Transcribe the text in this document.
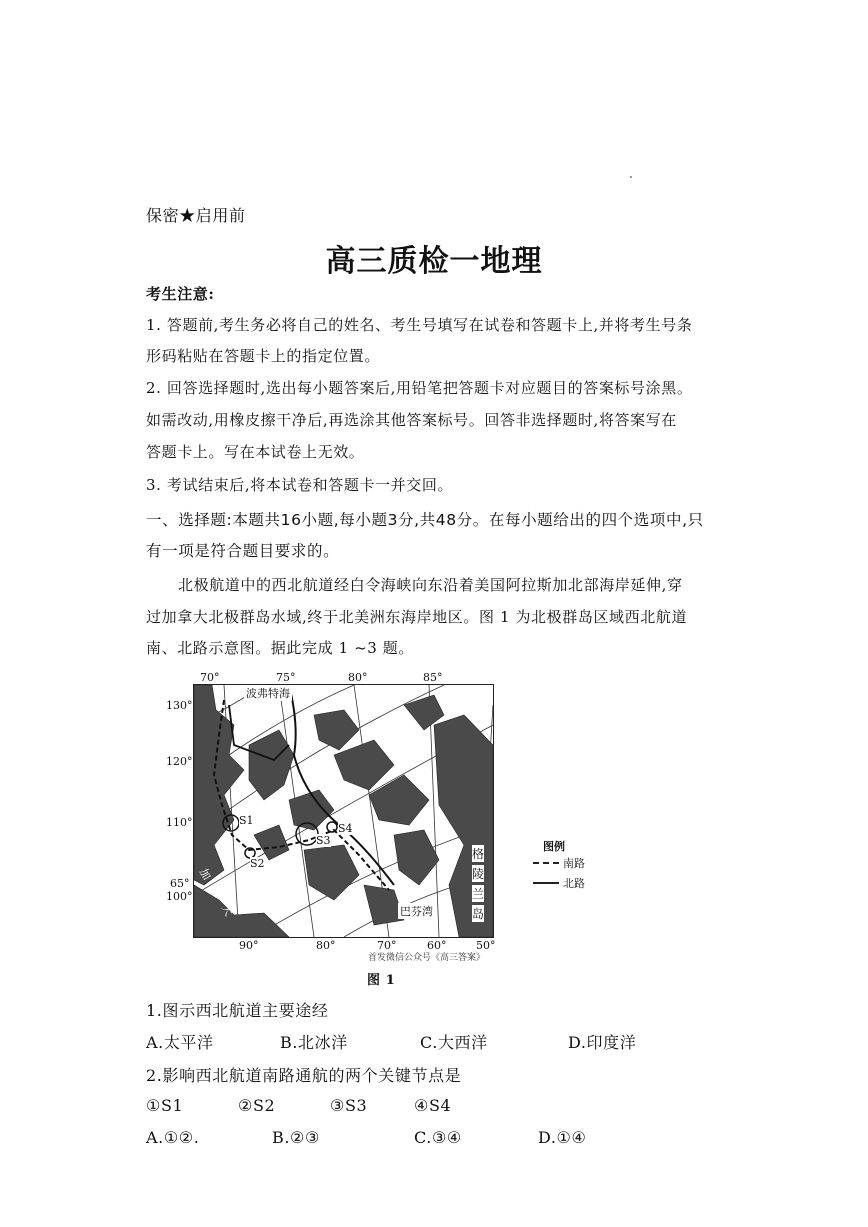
保密★启用前
高三质检一地理
考生注意:
1. 答题前,考生务必将自己的姓名、考生号填写在试卷和答题卡上,并将考生号条
形码粘贴在答题卡上的指定位置。
2. 回答选择题时,选出每小题答案后,用铅笔把答题卡对应题目的答案标号涂黑。
如需改动,用橡皮擦干净后,再选涂其他答案标号。回答非选择题时,将答案写在
答题卡上。写在本试卷上无效。
3. 考试结束后,将本试卷和答题卡一并交回。
一、选择题:本题共16小题,每小题3分,共48分。在每小题给出的四个选项中,只
有一项是符合题目要求的。
北极航道中的西北航道经白令海峡向东沿着美国阿拉斯加北部海岸延伸,穿
过加拿大北极群岛水域,终于北美洲东海岸地区。图 1 为北极群岛区域西北航道
南、北路示意图。据此完成 1 ~3 题。
70°	75°	80°	85°
130°
120°
110°
65°
100°
波弗特海
S1
S2
S3
S4
加
拿
大	巴芬湾
格
陵
兰
岛
90°	80°	70°	60°	50°
首发微信公众号《高三答案》
图例
南路
北路
图 1
1.图示西北航道主要途经
A.太平洋	B.北冰洋	C.大西洋	D.印度洋
2.影响西北航道南路通航的两个关键节点是
①S1	②S2	③S3	④S4
A.①②.	B.②③	C.③④	D.①④
